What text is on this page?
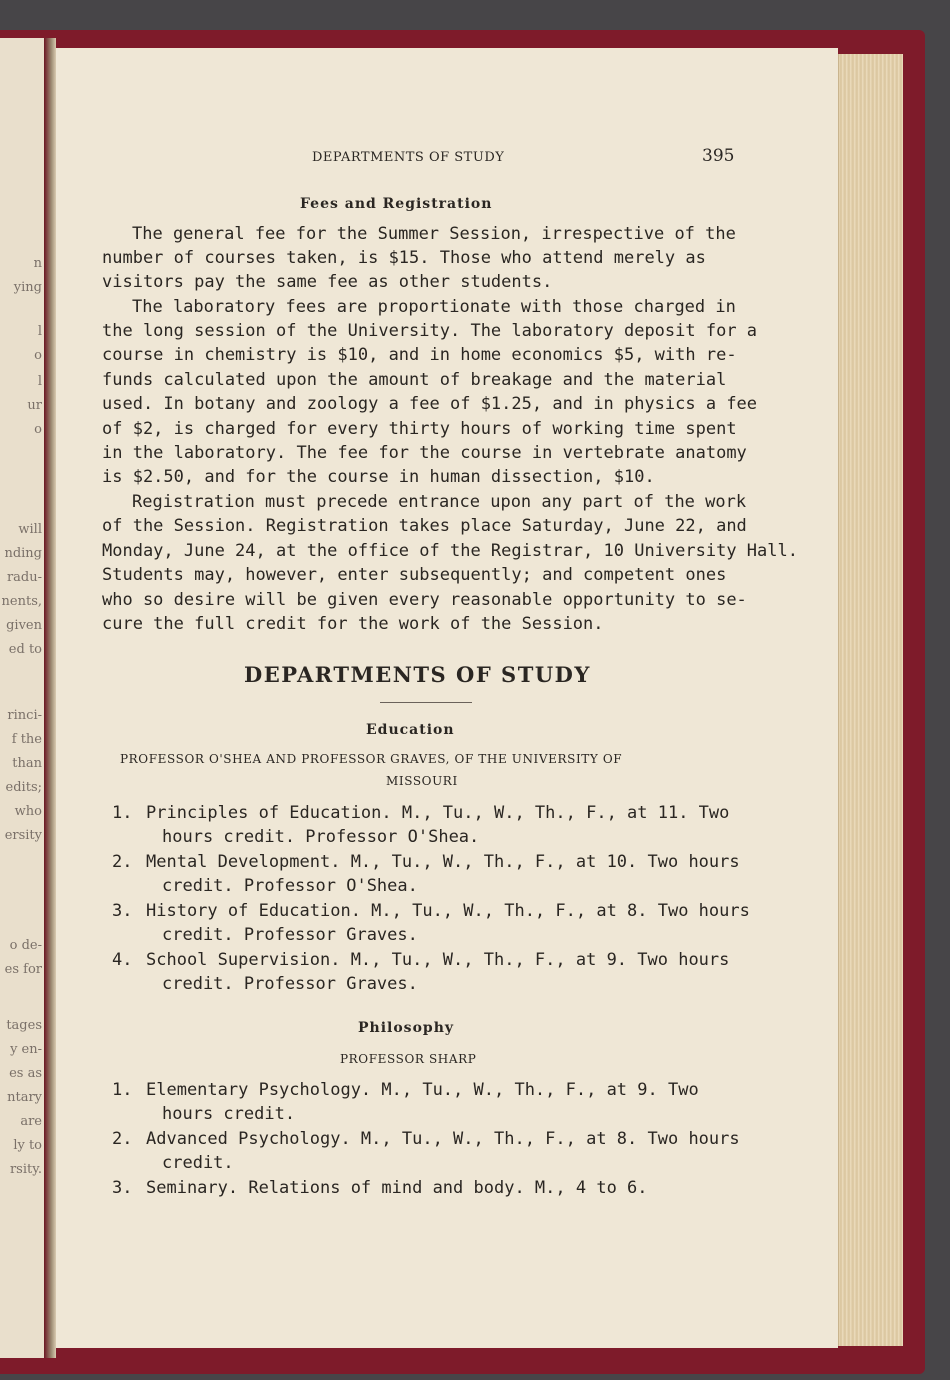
n
ying
l
o
l
ur
o
will
nding
radu-
nents,
given
ed to
rinci-
f the
than
edits;
who
ersity
o de-
es for
tages
y en-
es as
ntary
are
ly to
rsity.
DEPARTMENTS OF STUDY	395
Fees and Registration
The general fee for the Summer Session, irrespective of the
number of courses taken, is $15. Those who attend merely as
visitors pay the same fee as other students.
The laboratory fees are proportionate with those charged in
the long session of the University. The laboratory deposit for a
course in chemistry is $10, and in home economics $5, with re-
funds calculated upon the amount of breakage and the material
used. In botany and zoology a fee of $1.25, and in physics a fee
of $2, is charged for every thirty hours of working time spent
in the laboratory. The fee for the course in vertebrate anatomy
is $2.50, and for the course in human dissection, $10.
Registration must precede entrance upon any part of the work
of the Session. Registration takes place Saturday, June 22, and
Monday, June 24, at the office of the Registrar, 10 University Hall.
Students may, however, enter subsequently; and competent ones
who so desire will be given every reasonable opportunity to se-
cure the full credit for the work of the Session.
DEPARTMENTS OF STUDY
Education
PROFESSOR O'SHEA AND PROFESSOR GRAVES, OF THE UNIVERSITY OF
MISSOURI
1. Principles of Education. M., Tu., W., Th., F., at 11. Two
hours credit. Professor O'Shea.
2. Mental Development. M., Tu., W., Th., F., at 10. Two hours
credit. Professor O'Shea.
3. History of Education. M., Tu., W., Th., F., at 8. Two hours
credit. Professor Graves.
4. School Supervision. M., Tu., W., Th., F., at 9. Two hours
credit. Professor Graves.
Philosophy
PROFESSOR SHARP
1. Elementary Psychology. M., Tu., W., Th., F., at 9. Two
hours credit.
2. Advanced Psychology. M., Tu., W., Th., F., at 8. Two hours
credit.
3. Seminary. Relations of mind and body. M., 4 to 6.
